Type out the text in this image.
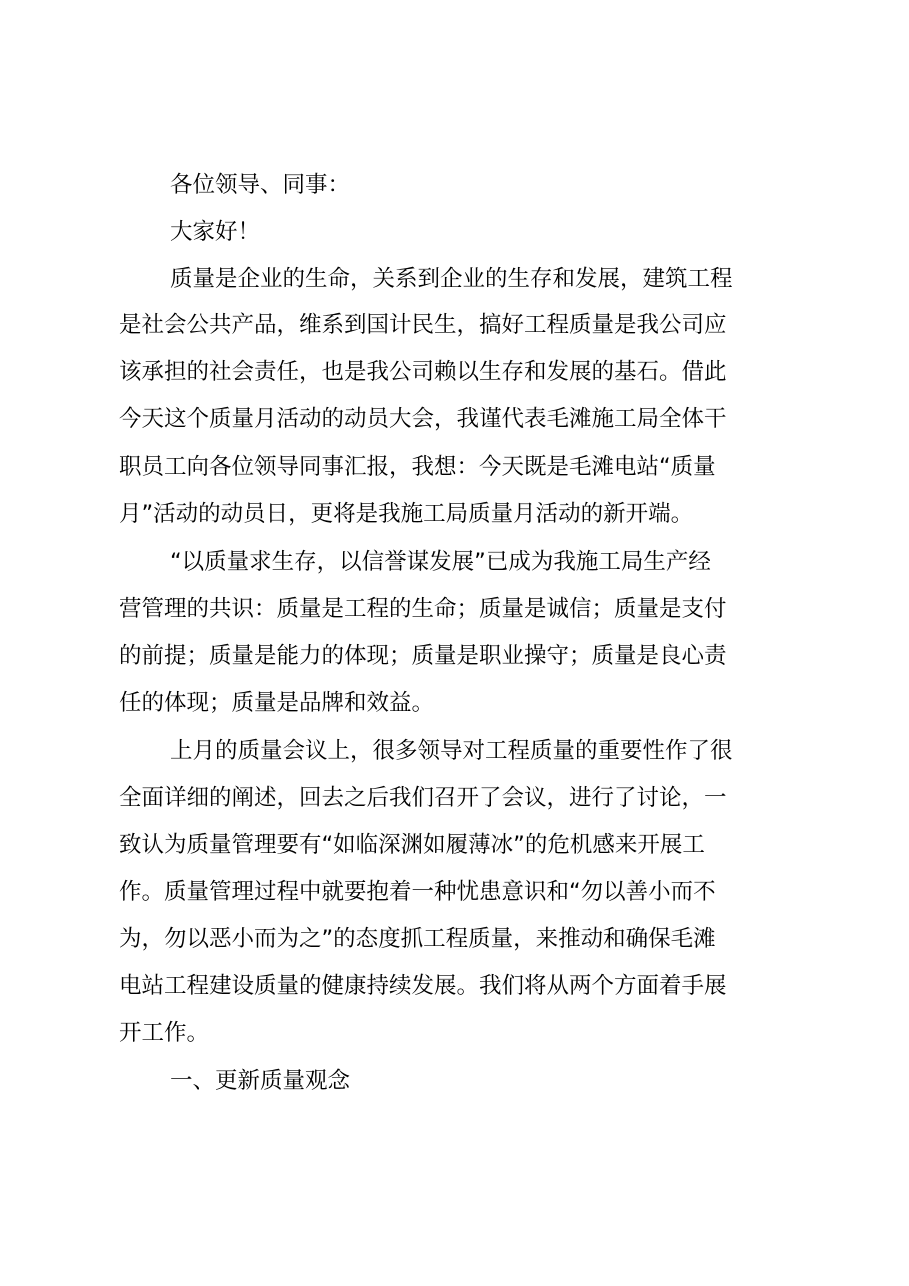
各位领导、同事：
大家好！
质量是企业的生命，关系到企业的生存和发展，建筑工程
是社会公共产品，维系到国计民生，搞好工程质量是我公司应
该承担的社会责任，也是我公司赖以生存和发展的基石。借此
今天这个质量月活动的动员大会，我谨代表毛滩施工局全体干
职员工向各位领导同事汇报，我想：今天既是毛滩电站“质量
月”活动的动员日，更将是我施工局质量月活动的新开端。
“以质量求生存，以信誉谋发展”已成为我施工局生产经
营管理的共识：质量是工程的生命；质量是诚信；质量是支付
的前提；质量是能力的体现；质量是职业操守；质量是良心责
任的体现；质量是品牌和效益。
上月的质量会议上，很多领导对工程质量的重要性作了很
全面详细的阐述，回去之后我们召开了会议，进行了讨论，一
致认为质量管理要有“如临深渊如履薄冰”的危机感来开展工
作。质量管理过程中就要抱着一种忧患意识和“勿以善小而不
为，勿以恶小而为之”的态度抓工程质量，来推动和确保毛滩
电站工程建设质量的健康持续发展。我们将从两个方面着手展
开工作。
一、更新质量观念
